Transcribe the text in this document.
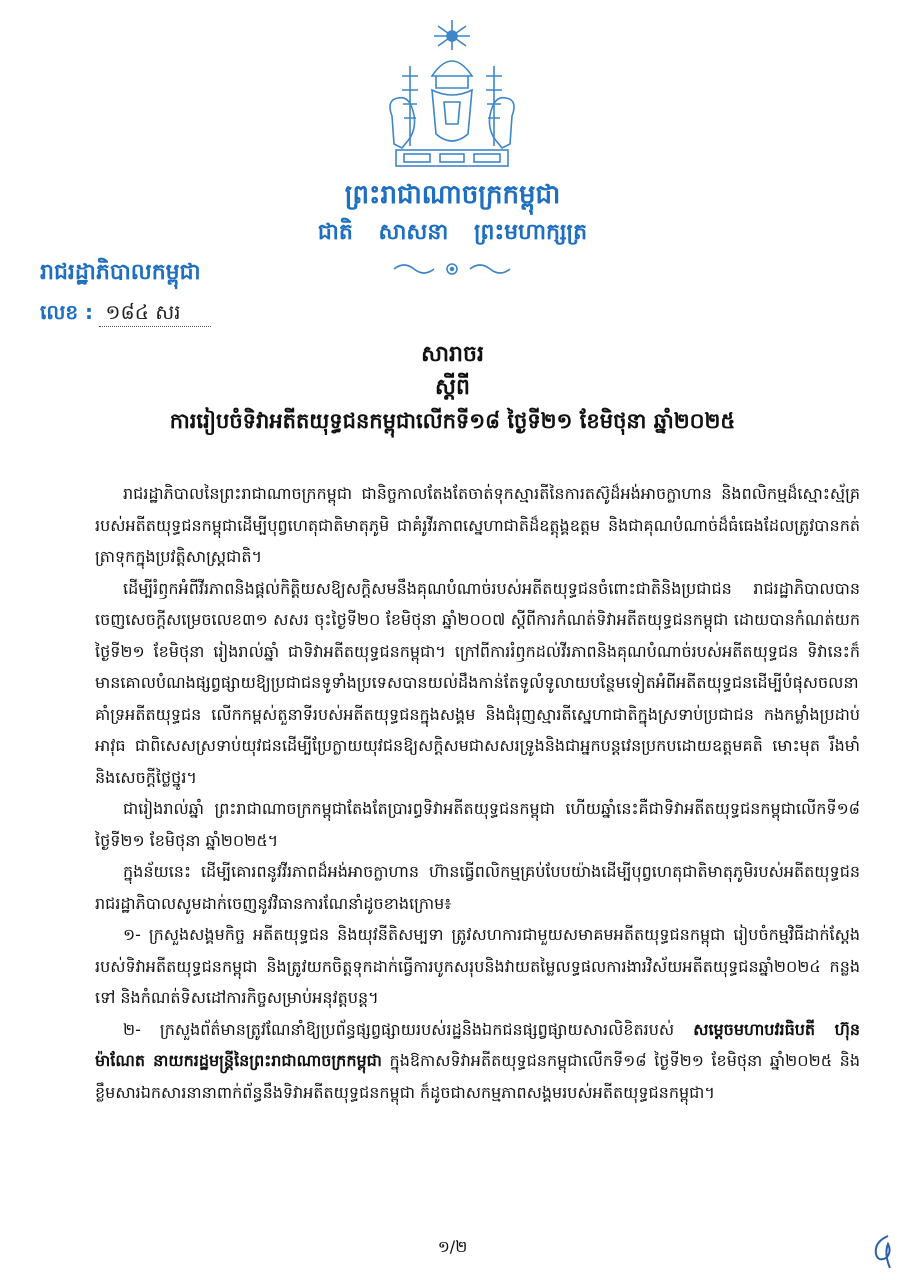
ព្រះរាជាណាចក្រកម្ពុជា
ជាតិ សាសនា ព្រះមហាក្សត្រ
រាជរដ្ឋាភិបាលកម្ពុជា
លេខ : ១៨៤ សរ
សារាចរ
ស្ដីពី
ការរៀបចំទិវាអតីតយុទ្ធជនកម្ពុជាលើកទី១៨ ថ្ងៃទី២១ ខែមិថុនា ឆ្នាំ២០២៥

រាជរដ្ឋាភិបាលនៃព្រះរាជាណាចក្រកម្ពុជា ជានិច្ចកាលតែងតែចាត់ទុកស្មារតីនៃការតស៊ូដ៏អង់អាចក្លាហាន និងពលិកម្មដ៏ស្មោះស្ម័គ្ររបស់អតីតយុទ្ធជនកម្ពុជាដើម្បីបុព្វហេតុជាតិមាតុភូមិ ជាគំរូវីរភាពស្នេហាជាតិដ៏ឧត្តុង្គឧត្តម និងជាគុណបំណាច់ដ៏ធំធេងដែលត្រូវបានកត់ត្រាទុកក្នុងប្រវត្តិសាស្ត្រជាតិ។

ដើម្បីរំឭកអំពីវីរភាពនិងផ្ដល់កិត្តិយសឱ្យសក្ដិសមនឹងគុណបំណាច់របស់អតីតយុទ្ធជនចំពោះជាតិនិងប្រជាជន រាជរដ្ឋាភិបាលបានចេញសេចក្ដីសម្រេចលេខ៣១ សសរ ចុះថ្ងៃទី២០ ខែមិថុនា ឆ្នាំ២០០៧ ស្ដីពីការកំណត់ទិវាអតីតយុទ្ធជនកម្ពុជា ដោយបានកំណត់យកថ្ងៃទី២១ ខែមិថុនា រៀងរាល់ឆ្នាំ ជាទិវាអតីតយុទ្ធជនកម្ពុជា។ ក្រៅពីការរំឭកដល់វីរភាពនិងគុណបំណាច់របស់អតីតយុទ្ធជន ទិវានេះក៏មានគោលបំណងផ្សព្វផ្សាយឱ្យប្រជាជនទូទាំងប្រទេសបានយល់ដឹងកាន់តែទូលំទូលាយបន្ថែមទៀតអំពីអតីតយុទ្ធជនដើម្បីបំផុសចលនាគាំទ្រអតីតយុទ្ធជន លើកកម្ពស់តួនាទីរបស់អតីតយុទ្ធជនក្នុងសង្គម និងជំរុញស្មារតីស្នេហាជាតិក្នុងស្រទាប់ប្រជាជន កងកម្លាំងប្រដាប់អាវុធ ជាពិសេសស្រទាប់យុវជនដើម្បីប្រែក្លាយយុវជនឱ្យសក្ដិសមជាសសរទ្រូងនិងជាអ្នកបន្តវេនប្រកបដោយឧត្ដមគតិ មោះមុត រឹងមាំ និងសេចក្ដីថ្លៃថ្នូរ។

ជារៀងរាល់ឆ្នាំ ព្រះរាជាណាចក្រកម្ពុជាតែងតែប្រារព្ធទិវាអតីតយុទ្ធជនកម្ពុជា ហើយឆ្នាំនេះគឺជាទិវាអតីតយុទ្ធជនកម្ពុជាលើកទី១៨ ថ្ងៃទី២១ ខែមិថុនា ឆ្នាំ២០២៥។

ក្នុងន័យនេះ ដើម្បីគោរពនូវវីរភាពដ៏អង់អាចក្លាហាន ហ៊ានធ្វើពលិកម្មគ្រប់បែបយ៉ាងដើម្បីបុព្វហេតុជាតិមាតុភូមិរបស់អតីតយុទ្ធជន រាជរដ្ឋាភិបាលសូមដាក់ចេញនូវវិធានការណែនាំដូចខាងក្រោម៖

១- ក្រសួងសង្គមកិច្ច អតីតយុទ្ធជន និងយុវនីតិសម្បទា ត្រូវសហការជាមួយសមាគមអតីតយុទ្ធជនកម្ពុជា រៀបចំកម្មវិធីដាក់ស្ដែងរបស់ទិវាអតីតយុទ្ធជនកម្ពុជា និងត្រូវយកចិត្តទុកដាក់ធ្វើការបូកសរុបនិងវាយតម្លៃលទ្ធផលការងារវិស័យអតីតយុទ្ធជនឆ្នាំ២០២៤ កន្លងទៅ និងកំណត់ទិសដៅការកិច្ចសម្រាប់អនុវត្តបន្ត។

២- ក្រសួងព័ត៌មានត្រូវណែនាំឱ្យប្រព័ន្ធផ្សព្វផ្សាយរបស់រដ្ឋនិងឯកជនផ្សព្វផ្សាយសារលិខិតរបស់ សម្ដេចមហាបវរធិបតី ហ៊ុន ម៉ាណែត នាយករដ្ឋមន្ត្រីនៃព្រះរាជាណាចក្រកម្ពុជា ក្នុងឱកាសទិវាអតីតយុទ្ធជនកម្ពុជាលើកទី១៨ ថ្ងៃទី២១ ខែមិថុនា ឆ្នាំ២០២៥ និងខ្លឹមសារឯកសារនានាពាក់ព័ន្ធនឹងទិវាអតីតយុទ្ធជនកម្ពុជា ក៏ដូចជាសកម្មភាពសង្គមរបស់អតីតយុទ្ធជនកម្ពុជា។

១/២
